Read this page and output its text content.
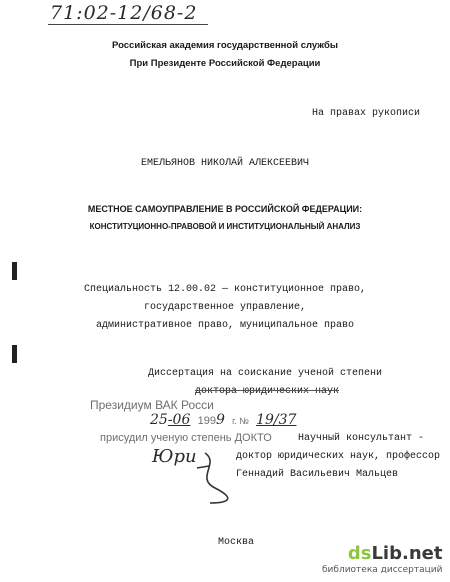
71:02-12/68-2
Российская академия государственной службы
При Президенте Российской Федерации
На правах рукописи
ЕМЕЛЬЯНОВ НИКОЛАЙ АЛЕКСЕЕВИЧ
МЕСТНОЕ САМОУПРАВЛЕНИЕ В РОССИЙСКОЙ ФЕДЕРАЦИИ:
КОНСТИТУЦИОННО-ПРАВОВОЙ И ИНСТИТУЦИОНАЛЬНЫЙ АНАЛИЗ
Специальность 12.00.02 — конституционное право,
государственное управление,
административное право, муниципальное право
Диссертация на соискание ученой степени
доктора юридических наук
Президиум ВАК Росси
25-06 1999 г. № 19/37
присудил ученую степень ДОКТО
Юри
Научный консультант -
доктор юридических наук, профессор
Геннадий Васильевич Мальцев
Москва
dsLib.net
библиотека диссертаций
